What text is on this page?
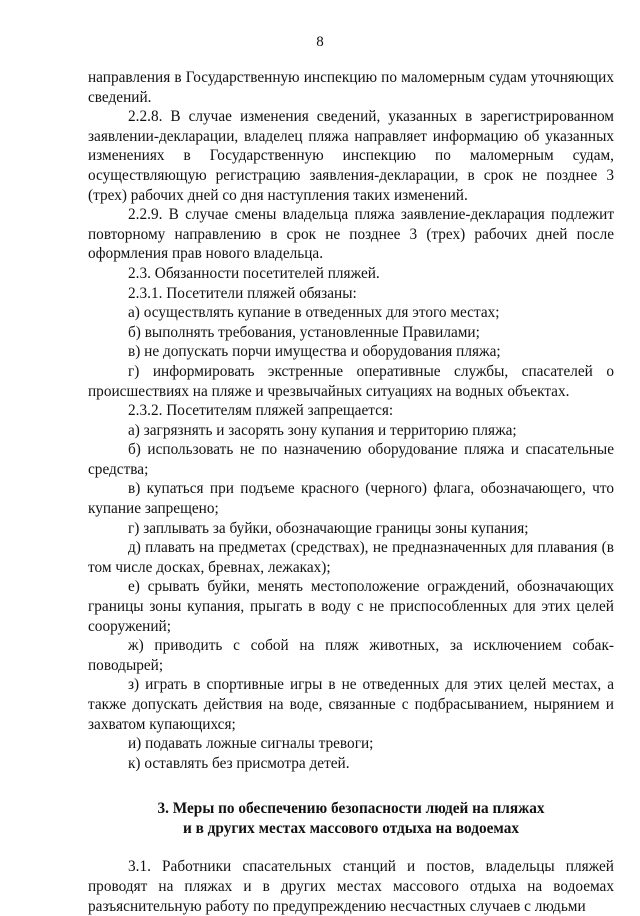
8

направления в Государственную инспекцию по маломерным судам уточняющих сведений.

2.2.8. В случае изменения сведений, указанных в зарегистрированном заявлении-декларации, владелец пляжа направляет информацию об указанных изменениях в Государственную инспекцию по маломерным судам, осуществляющую регистрацию заявления-декларации, в срок не позднее 3 (трех) рабочих дней со дня наступления таких изменений.

2.2.9. В случае смены владельца пляжа заявление-декларация подлежит повторному направлению в срок не позднее 3 (трех) рабочих дней после оформления прав нового владельца.

2.3. Обязанности посетителей пляжей.

2.3.1. Посетители пляжей обязаны:

а) осуществлять купание в отведенных для этого местах;

б) выполнять требования, установленные Правилами;

в) не допускать порчи имущества и оборудования пляжа;

г) информировать экстренные оперативные службы, спасателей о происшествиях на пляже и чрезвычайных ситуациях на водных объектах.

2.3.2. Посетителям пляжей запрещается:

а) загрязнять и засорять зону купания и территорию пляжа;

б) использовать не по назначению оборудование пляжа и спасательные средства;

в) купаться при подъеме красного (черного) флага, обозначающего, что купание запрещено;

г) заплывать за буйки, обозначающие границы зоны купания;

д) плавать на предметах (средствах), не предназначенных для плавания (в том числе досках, бревнах, лежаках);

е) срывать буйки, менять местоположение ограждений, обозначающих границы зоны купания, прыгать в воду с не приспособленных для этих целей сооружений;

ж) приводить с собой на пляж животных, за исключением собак-поводырей;

з) играть в спортивные игры в не отведенных для этих целей местах, а также допускать действия на воде, связанные с подбрасыванием, нырянием и захватом купающихся;

и) подавать ложные сигналы тревоги;

к) оставлять без присмотра детей.

3. Меры по обеспечению безопасности людей на пляжах
и в других местах массового отдыха на водоемах

3.1. Работники спасательных станций и постов, владельцы пляжей проводят на пляжах и в других местах массового отдыха на водоемах разъяснительную работу по предупреждению несчастных случаев с людьми
